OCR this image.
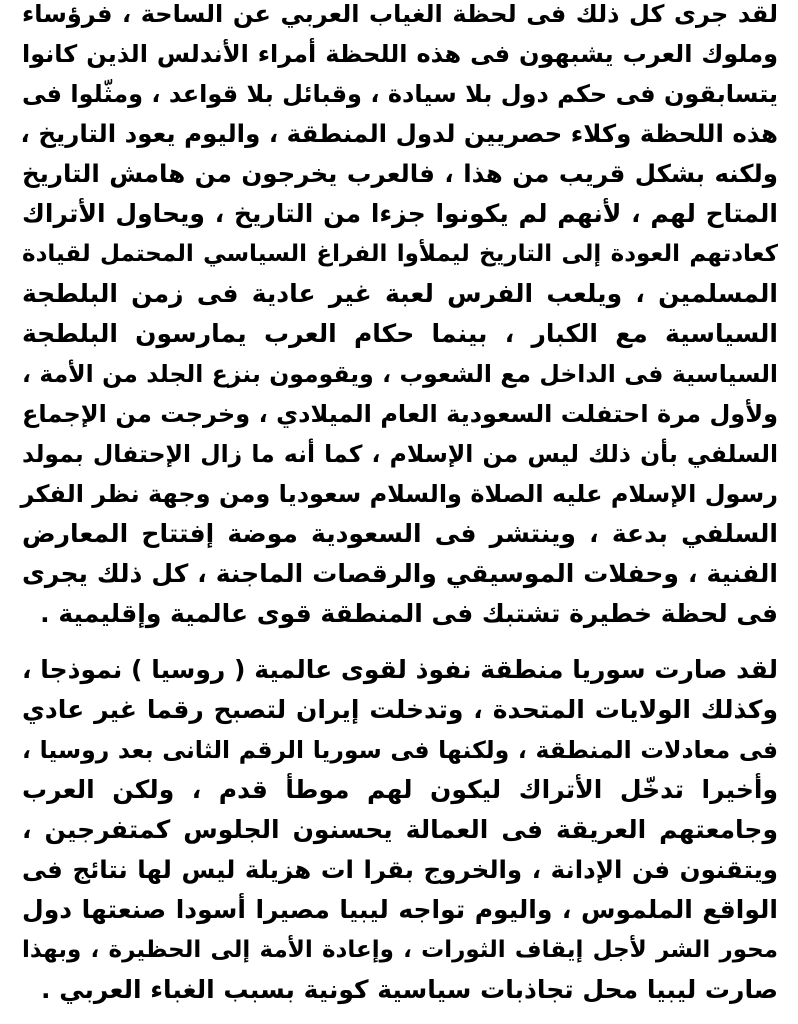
لقد جرى كل ذلك فى لحظة الغياب العربي عن الساحة ، فرؤساء
وملوك العرب يشبهون فى هذه اللحظة أمراء الأندلس الذين كانوا
يتسابقون فى حكم دول بلا سيادة ، وقبائل بلا قواعد ، ومثّلوا فى
هذه اللحظة وكلاء حصريين لدول المنطقة ، واليوم يعود التاريخ ،
ولكنه بشكل قريب من هذا ، فالعرب يخرجون من هامش التاريخ
المتاح لهم ، لأنهم لم يكونوا جزءا من التاريخ ، ويحاول الأتراك
كعادتهم العودة إلى التاريخ ليملأوا الفراغ السياسي المحتمل لقيادة
المسلمين ، ويلعب الفرس لعبة غير عادية فى زمن البلطجة
السياسية مع الكبار ، بينما حكام العرب يمارسون البلطجة
السياسية فى الداخل مع الشعوب ، ويقومون بنزع الجلد من الأمة ،
ولأول مرة احتفلت السعودية العام الميلادي ، وخرجت من الإجماع
السلفي بأن ذلك ليس من الإسلام ، كما أنه ما زال الإحتفال بمولد
رسول الإسلام عليه الصلاة والسلام سعوديا ومن وجهة نظر الفكر
السلفي بدعة ، وينتشر فى السعودية موضة إفتتاح المعارض
الفنية ، وحفلات الموسيقي والرقصات الماجنة ، كل ذلك يجرى
فى لحظة خطيرة تشتبك فى المنطقة قوى عالمية وإقليمية .
لقد صارت سوريا منطقة نفوذ لقوى عالمية ( روسيا ) نموذجا ،
وكذلك الولايات المتحدة ، وتدخلت إيران لتصبح رقما غير عادي
فى معادلات المنطقة ، ولكنها فى سوريا الرقم الثانى بعد روسيا ،
وأخيرا تدخّل الأتراك ليكون لهم موطأ قدم ، ولكن العرب
وجامعتهم العريقة فى العمالة يحسنون الجلوس كمتفرجين ،
ويتقنون فن الإدانة ، والخروج بقرا ات هزيلة ليس لها نتائج فى
الواقع الملموس ، واليوم تواجه ليبيا مصيرا أسودا صنعتها دول
محور الشر لأجل إيقاف الثورات ، وإعادة الأمة إلى الحظيرة ، وبهذا
صارت ليبيا محل تجاذبات سياسية كونية بسبب الغباء العربي .
